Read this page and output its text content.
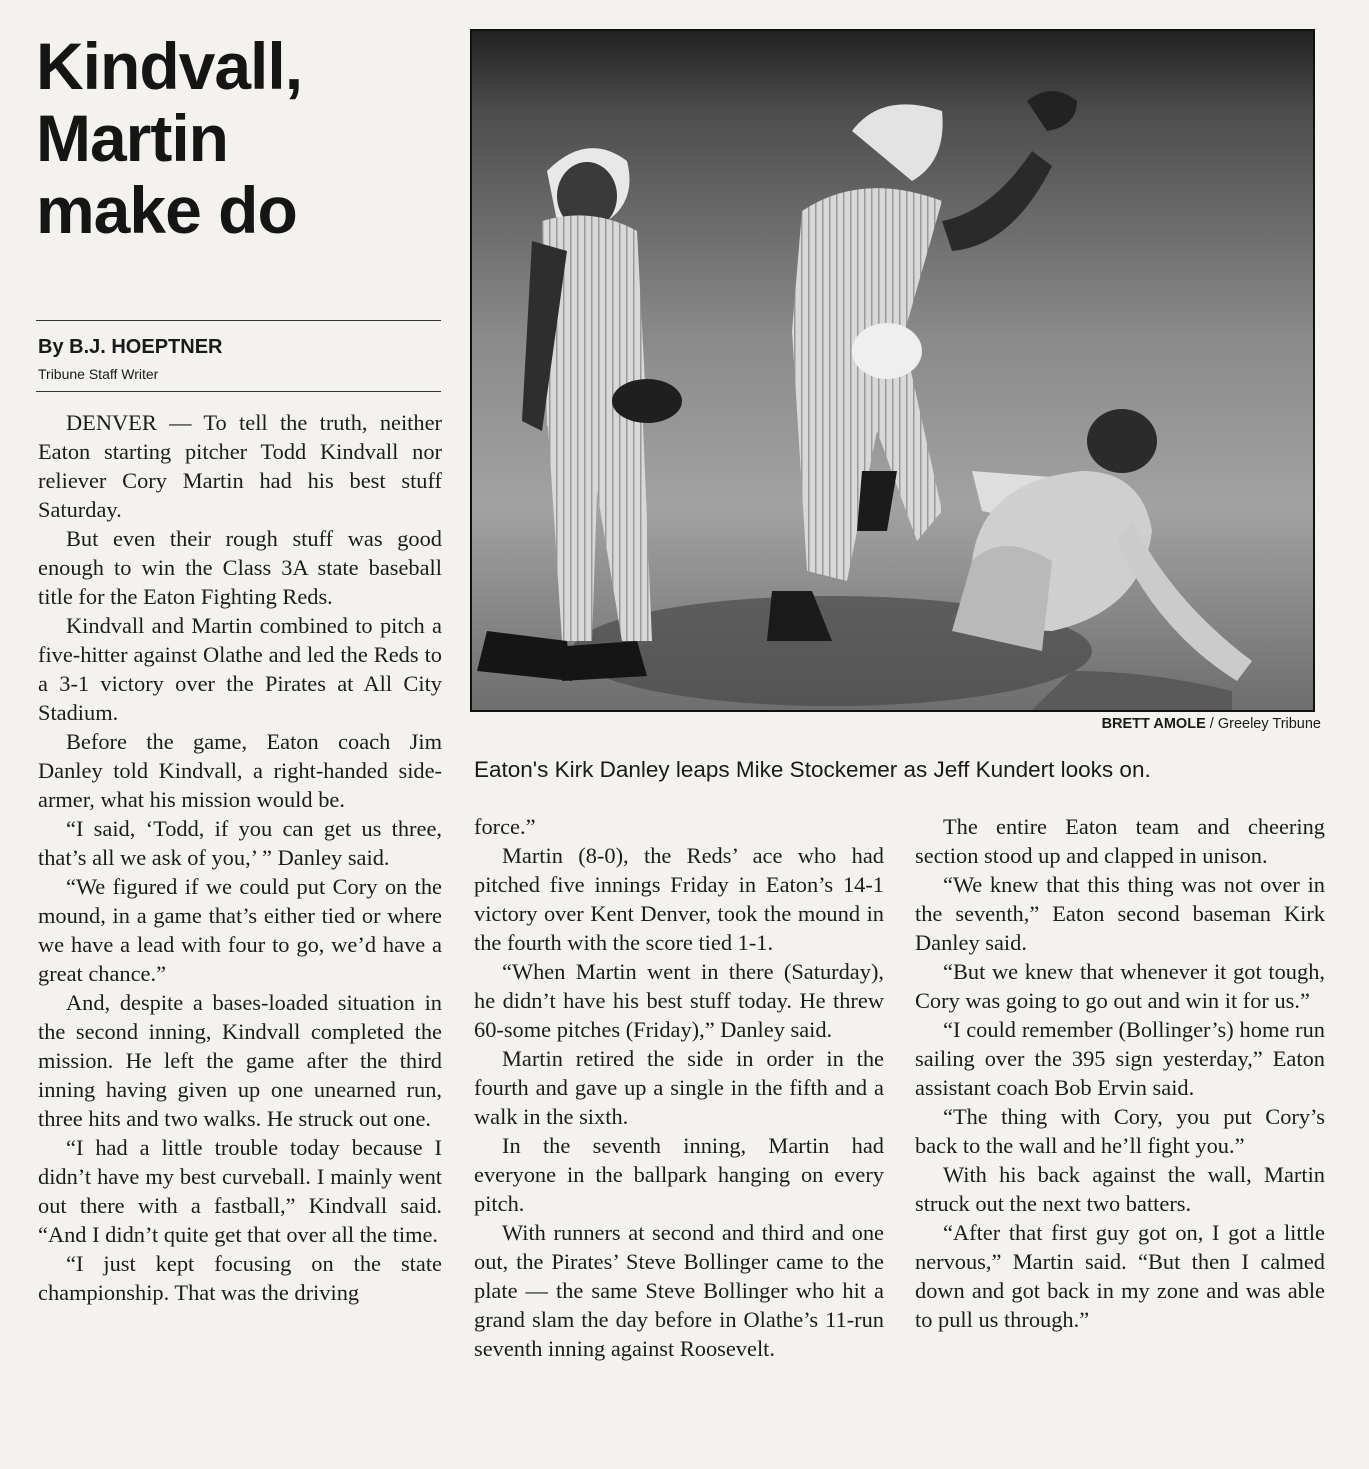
Kindvall,
Martin
make do
By B.J. HOEPTNER
Tribune Staff Writer

DENVER — To tell the truth, neither Eaton starting pitcher Todd Kindvall nor reliever Cory Martin had his best stuff Saturday.

But even their rough stuff was good enough to win the Class 3A state baseball title for the Eaton Fighting Reds.

Kindvall and Martin combined to pitch a five-hitter against Olathe and led the Reds to a 3-1 victory over the Pirates at All City Stadium.

Before the game, Eaton coach Jim Danley told Kindvall, a right-handed side-armer, what his mission would be.

“I said, ‘Todd, if you can get us three, that’s all we ask of you,’ ” Danley said.

“We figured if we could put Cory on the mound, in a game that’s either tied or where we have a lead with four to go, we’d have a great chance.”

And, despite a bases-loaded situation in the second inning, Kindvall completed the mission. He left the game after the third inning having given up one unearned run, three hits and two walks. He struck out one.

“I had a little trouble today because I didn’t have my best curveball. I mainly went out there with a fastball,” Kindvall said. “And I didn’t quite get that over all the time.

“I just kept focusing on the state championship. That was the driving

BRETT AMOLE / Greeley Tribune
Eaton's Kirk Danley leaps Mike Stockemer as Jeff Kundert looks on.

force.”

Martin (8-0), the Reds’ ace who had pitched five innings Friday in Eaton’s 14-1 victory over Kent Denver, took the mound in the fourth with the score tied 1-1.

“When Martin went in there (Saturday), he didn’t have his best stuff today. He threw 60-some pitches (Friday),” Danley said.

Martin retired the side in order in the fourth and gave up a single in the fifth and a walk in the sixth.

In the seventh inning, Martin had everyone in the ballpark hanging on every pitch.

With runners at second and third and one out, the Pirates’ Steve Bollinger came to the plate — the same Steve Bollinger who hit a grand slam the day before in Olathe’s 11-run seventh inning against Roosevelt.

The entire Eaton team and cheering section stood up and clapped in unison.

“We knew that this thing was not over in the seventh,” Eaton second baseman Kirk Danley said.

“But we knew that whenever it got tough, Cory was going to go out and win it for us.”

“I could remember (Bollinger’s) home run sailing over the 395 sign yesterday,” Eaton assistant coach Bob Ervin said.

“The thing with Cory, you put Cory’s back to the wall and he’ll fight you.”

With his back against the wall, Martin struck out the next two batters.

“After that first guy got on, I got a little nervous,” Martin said. “But then I calmed down and got back in my zone and was able to pull us through.”
